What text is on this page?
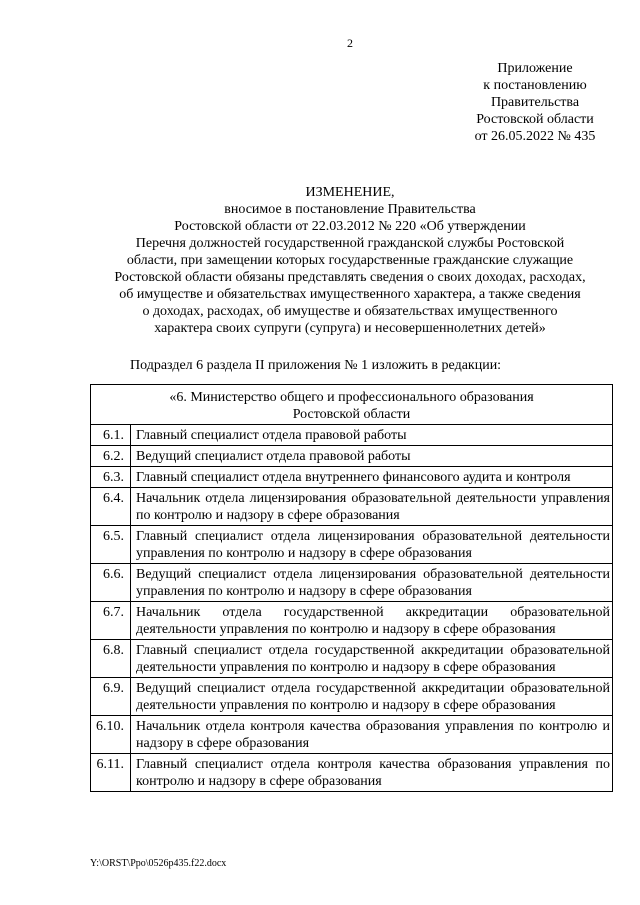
2
Приложение
к постановлению
Правительства
Ростовской области
от 26.05.2022 № 435
ИЗМЕНЕНИЕ,
вносимое в постановление Правительства
Ростовской области от 22.03.2012 № 220 «Об утверждении
Перечня должностей государственной гражданской службы Ростовской
области, при замещении которых государственные гражданские служащие
Ростовской области обязаны представлять сведения о своих доходах, расходах,
об имуществе и обязательствах имущественного характера, а также сведения
о доходах, расходах, об имуществе и обязательствах имущественного
характера своих супруги (супруга) и несовершеннолетних детей»
Подраздел 6 раздела II приложения № 1 изложить в редакции:
«6. Министерство общего и профессионального образования
Ростовской области	

6.1.	Главный специалист отдела правовой работы
6.2.	Ведущий специалист отдела правовой работы
6.3.	Главный специалист отдела внутреннего финансового аудита и контроля
6.4.	Начальник отдела лицензирования образовательной деятельности управления по контролю и надзору в сфере образования
6.5.	Главный специалист отдела лицензирования образовательной деятельности управления по контролю и надзору в сфере образования
6.6.	Ведущий специалист отдела лицензирования образовательной деятельности управления по контролю и надзору в сфере образования
6.7.	Начальник отдела государственной аккредитации образовательной деятельности управления по контролю и надзору в сфере образования
6.8.	Главный специалист отдела государственной аккредитации образовательной деятельности управления по контролю и надзору в сфере образования
6.9.	Ведущий специалист отдела государственной аккредитации образовательной деятельности управления по контролю и надзору в сфере образования
6.10.	Начальник отдела контроля качества образования управления по контролю и надзору в сфере образования
6.11.	Главный специалист отдела контроля качества образования управления по контролю и надзору в сфере образования
Y:\ORST\Ppo\0526p435.f22.docx
